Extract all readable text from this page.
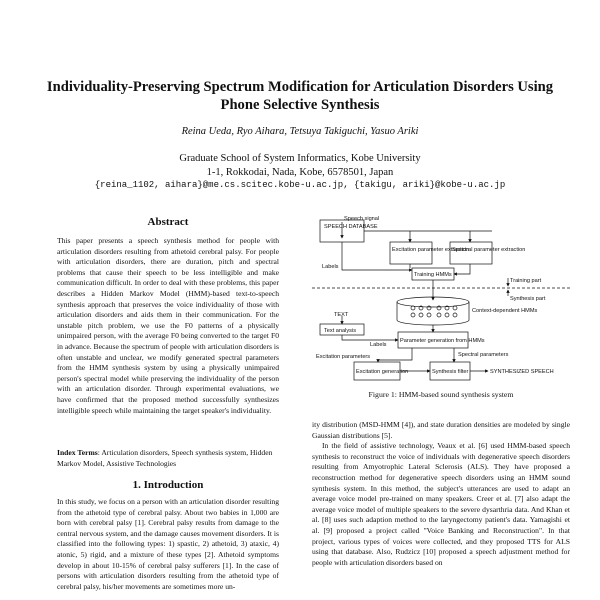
Individuality-Preserving Spectrum Modification for Articulation Disorders Using Phone Selective Synthesis
Reina Ueda, Ryo Aihara, Tetsuya Takiguchi, Yasuo Ariki
Graduate School of System Informatics, Kobe University
1-1, Rokkodai, Nada, Kobe, 6578501, Japan
{reina_1102, aihara}@me.cs.scitec.kobe-u.ac.jp, {takigu, ariki}@kobe-u.ac.jp
Abstract

This paper presents a speech synthesis method for people with articulation disorders resulting from athetoid cerebral palsy. For people with articulation disorders, there are duration, pitch and spectral problems that cause their speech to be less intelligible and make communication difficult. In order to deal with these problems, this paper describes a Hidden Markov Model (HMM)-based text-to-speech synthesis approach that preserves the voice individuality of those with articulation disorders and aids them in their communication. For the unstable pitch problem, we use the F0 patterns of a physically unimpaired person, with the average F0 being converted to the target F0 in advance. Because the spectrum of people with articulation disorders is often unstable and unclear, we modify generated spectral parameters from the HMM synthesis system by using a physically unimpaired person's spectral model while preserving the individuality of the person with an articulation disorder. Through experimental evaluations, we have confirmed that the proposed method successfully synthesizes intelligible speech while maintaining the target speaker's individuality.

Index Terms: Articulation disorders, Speech synthesis system, Hidden Markov Model, Assistive Technologies
1. Introduction

In this study, we focus on a person with an articulation disorder resulting from the athetoid type of cerebral palsy. About two babies in 1,000 are born with cerebral palsy [1]. Cerebral palsy results from damage to the central nervous system, and the damage causes movement disorders. It is classified into the following types: 1) spastic, 2) athetoid, 3) ataxic, 4) atonic, 5) rigid, and a mixture of these types [2]. Athetoid symptoms develop in about 10-15% of cerebral palsy sufferers [1]. In the case of persons with articulation disorders resulting from the athetoid type of cerebral palsy, his/her movements are sometimes more un-

Speech signal
SPEECH DATABASE
Excitation parameter extraction
Spectral parameter extraction
Labels
Training HMMs
Training part
Synthesis part
Context-dependent HMMs
TEXT
Text analysis
Parameter generation from HMMs
Labels
Spectral parameters
Excitation parameters
Excitation generation	Synthesis filter	SYNTHESIZED SPEECH
Figure 1: HMM-based sound synthesis system

ity distribution (MSD-HMM [4]), and state duration densities are modeled by single Gaussian distributions [5].

In the field of assistive technology, Veaux et al. [6] used HMM-based speech synthesis to reconstruct the voice of individuals with degenerative speech disorders resulting from Amyotrophic Lateral Sclerosis (ALS). They have proposed a reconstruction method for degenerative speech disorders using an HMM sound synthesis system. In this method, the subject's utterances are used to adapt an average voice model pre-trained on many speakers. Creer et al. [7] also adapt the average voice model of multiple speakers to the severe dysarthria data. And Khan et al. [8] uses such adaption method to the laryngectomy patient's data. Yamagishi et al. [9] proposed a project called "Voice Banking and Reconstruction". In that project, various types of voices were collected, and they proposed TTS for ALS using that database. Also, Rudzicz [10] proposed a speech adjustment method for people with articulation disorders based on
